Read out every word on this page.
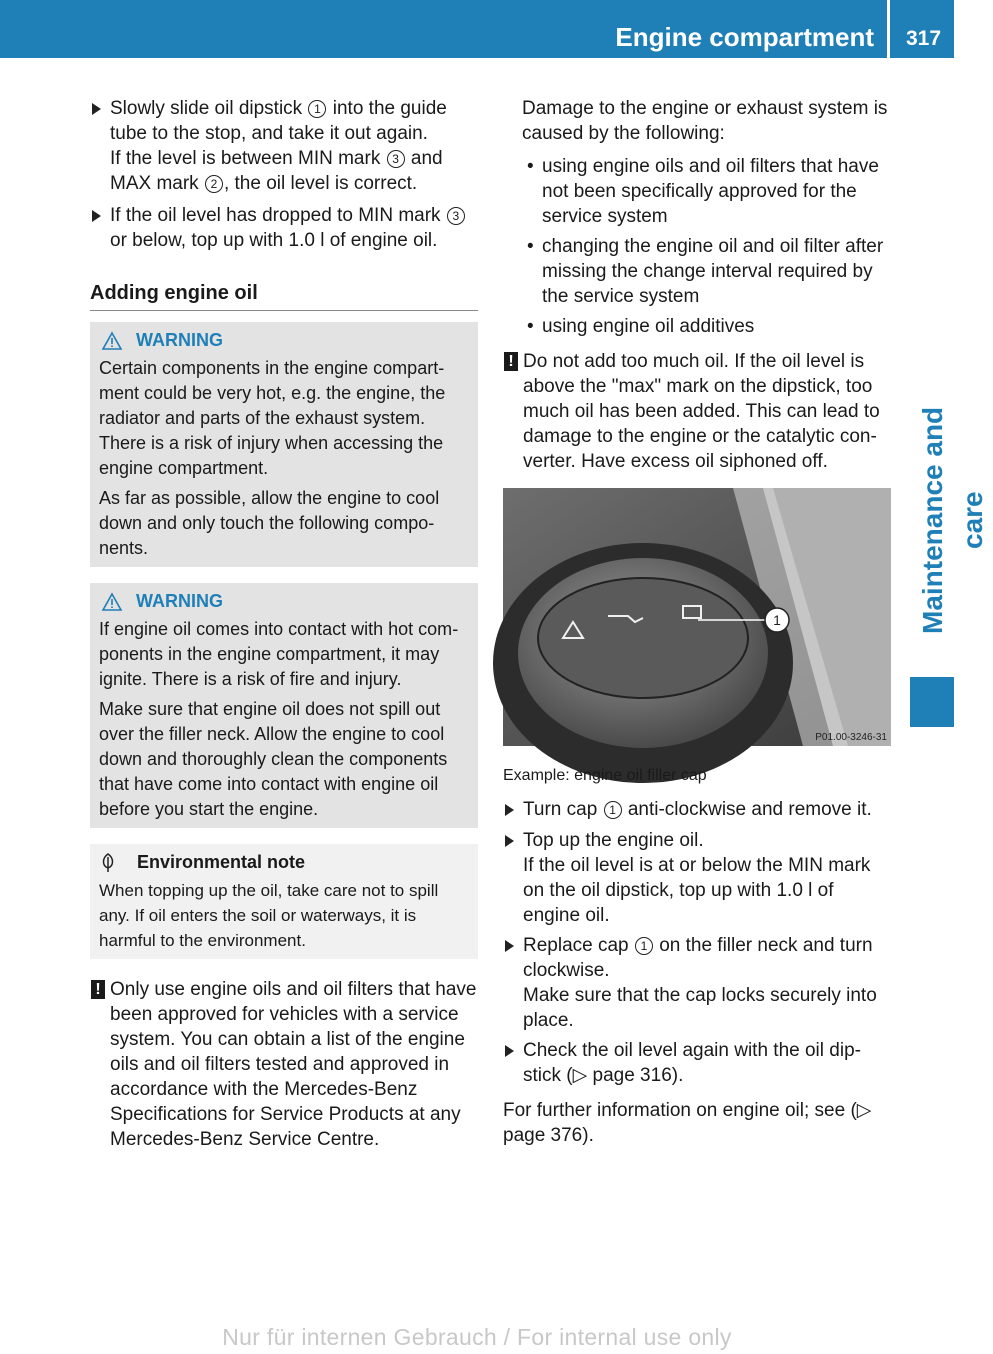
Engine compartment	317
Maintenance and care

Slowly slide oil dipstick 1 into the guide tube to the stop, and take it out again.
If the level is between MIN mark 3 and MAX mark 2 , the oil level is correct.

If the oil level has dropped to MIN mark 3 or below, top up with 1.0 l of engine oil.

Adding engine oil
WARNING

Certain components in the engine compartment could be very hot, e.g. the engine, the radiator and parts of the exhaust system. There is a risk of injury when accessing the engine compartment.

As far as possible, allow the engine to cool down and only touch the following components.

WARNING

If engine oil comes into contact with hot components in the engine compartment, it may ignite. There is a risk of fire and injury.

Make sure that engine oil does not spill out over the filler neck. Allow the engine to cool down and thoroughly clean the components that have come into contact with engine oil before you start the engine.

Environmental note

When topping up the oil, take care not to spill any. If oil enters the soil or waterways, it is harmful to the environment.

! Only use engine oils and oil filters that have been approved for vehicles with a service system. You can obtain a list of the engine oils and oil filters tested and approved in accordance with the Mercedes-Benz Specifications for Service Products at any Mercedes-Benz Service Centre.

Damage to the engine or exhaust system is caused by the following:

• using engine oils and oil filters that have not been specifically approved for the service system
• changing the engine oil and oil filter after missing the change interval required by the service system
• using engine oil additives
! Do not add too much oil. If the oil level is above the "max" mark on the dipstick, too much oil has been added. This can lead to damage to the engine or the catalytic converter. Have excess oil siphoned off.

1
P01.00-3246-31

Example: engine oil filler cap

Turn cap 1 anti-clockwise and remove it.

Top up the engine oil.
If the oil level is at or below the MIN mark on the oil dipstick, top up with 1.0 l of engine oil.

Replace cap 1 on the filler neck and turn clockwise.
Make sure that the cap locks securely into place.

Check the oil level again with the oil dipstick (▷ page 316).

For further information on engine oil; see (▷ page 376).

Nur für internen Gebrauch / For internal use only
